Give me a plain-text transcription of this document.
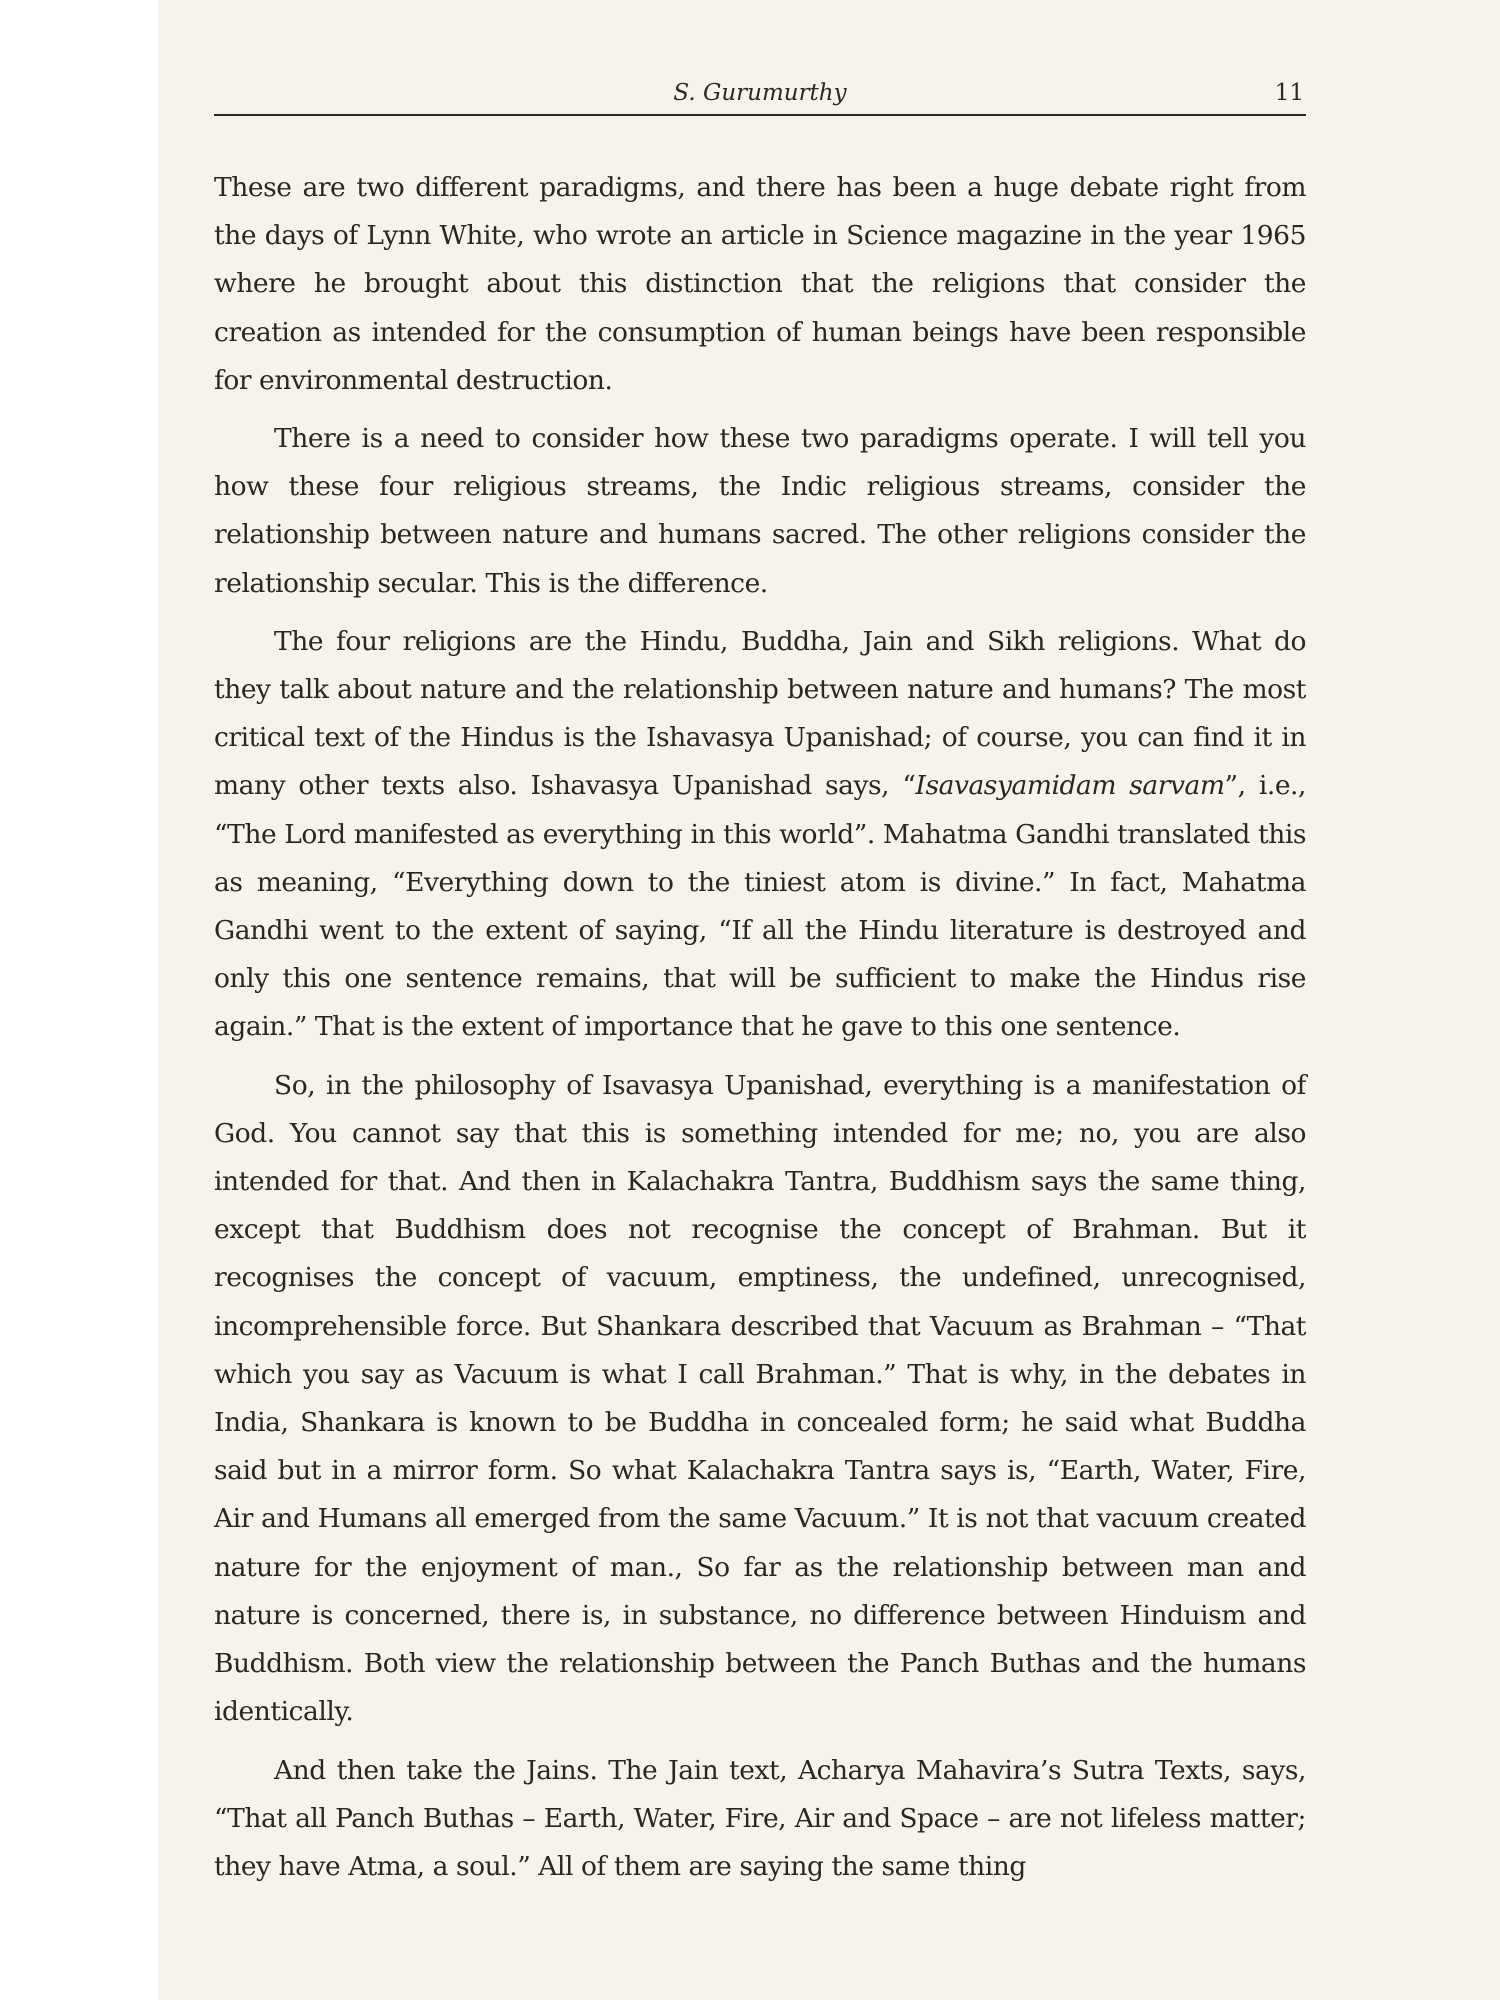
S. Gurumurthy	11

These are two different paradigms, and there has been a huge debate right from the days of Lynn White, who wrote an article in Science magazine in the year 1965 where he brought about this distinction that the religions that consider the creation as intended for the consumption of human beings have been responsible for environmental destruction.

There is a need to consider how these two paradigms operate. I will tell you how these four religious streams, the Indic religious streams, consider the relationship between nature and humans sacred. The other religions consider the relationship secular. This is the difference.

The four religions are the Hindu, Buddha, Jain and Sikh religions. What do they talk about nature and the relationship between nature and humans? The most critical text of the Hindus is the Ishavasya Upanishad; of course, you can find it in many other texts also. Ishavasya Upanishad says, “Isavasyamidam sarvam”, i.e., “The Lord manifested as everything in this world”. Mahatma Gandhi translated this as meaning, “Everything down to the tiniest atom is divine.” In fact, Mahatma Gandhi went to the extent of saying, “If all the Hindu literature is destroyed and only this one sentence remains, that will be sufficient to make the Hindus rise again.” That is the extent of importance that he gave to this one sentence.

So, in the philosophy of Isavasya Upanishad, everything is a manifestation of God. You cannot say that this is something intended for me; no, you are also intended for that. And then in Kalachakra Tantra, Buddhism says the same thing, except that Buddhism does not recognise the concept of Brahman. But it recognises the concept of vacuum, emptiness, the undefined, unrecognised, incomprehensible force. But Shankara described that Vacuum as Brahman – “That which you say as Vacuum is what I call Brahman.” That is why, in the debates in India, Shankara is known to be Buddha in concealed form; he said what Buddha said but in a mirror form. So what Kalachakra Tantra says is, “Earth, Water, Fire, Air and Humans all emerged from the same Vacuum.” It is not that vacuum created nature for the enjoyment of man., So far as the relationship between man and nature is concerned, there is, in substance, no difference between Hinduism and Buddhism. Both view the relationship between the Panch Buthas and the humans identically.

And then take the Jains. The Jain text, Acharya Mahavira’s Sutra Texts, says, “That all Panch Buthas – Earth, Water, Fire, Air and Space – are not lifeless matter; they have Atma, a soul.” All of them are saying the same thing
